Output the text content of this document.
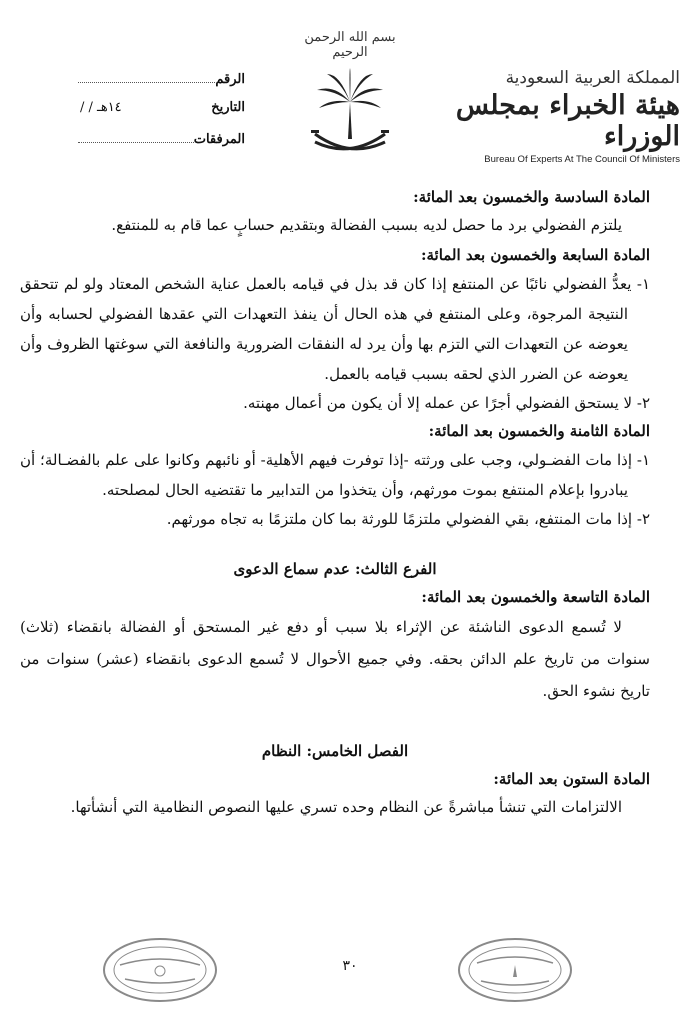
المملكة العربية السعودية
هيئة الخبراء بمجلس الوزراء
Bureau Of Experts At The Council Of Ministers
بسم الله الرحمن الرحيم
الرقم
/ / ١٤هـ	التاريخ
المرفقات
المادة السادسة والخمسون بعد المائة:
يلتزم الفضولي برد ما حصل لديه بسبب الفضالة وبتقديم حسابٍ عما قام به للمنتفع.
المادة السابعة والخمسون بعد المائة:
١- يعدُّ الفضولي نائبًا عن المنتفع إذا كان قد بذل في قيامه بالعمل عناية الشخص المعتاد ولو لم تتحقق النتيجة المرجوة، وعلى المنتفع في هذه الحال أن ينفذ التعهدات التي عقدها الفضولي لحسابه وأن يعوضه عن التعهدات التي التزم بها وأن يرد له النفقات الضرورية والنافعة التي سوغتها الظروف وأن يعوضه عن الضرر الذي لحقه بسبب قيامه بالعمل.
٢- لا يستحق الفضولي أجرًا عن عمله إلا أن يكون من أعمال مهنته.
المادة الثامنة والخمسون بعد المائة:
١- إذا مات الفضـولي، وجب على ورثته -إذا توفرت فيهم الأهلية- أو نائبهم وكانوا على علم بالفضـالة؛ أن يبادروا بإعلام المنتفع بموت مورثهم، وأن يتخذوا من التدابير ما تقتضيه الحال لمصلحته.
٢- إذا مات المنتفع، بقي الفضولي ملتزمًا للورثة بما كان ملتزمًا به تجاه مورثهم.
الفرع الثالث: عدم سماع الدعوى
المادة التاسعة والخمسون بعد المائة:
لا تُسمع الدعوى الناشئة عن الإثراء بلا سبب أو دفع غير المستحق أو الفضالة بانقضاء (ثلاث) سنوات من تاريخ علم الدائن بحقه. وفي جميع الأحوال لا تُسمع الدعوى بانقضاء (عشر) سنوات من تاريخ نشوء الحق.
الفصل الخامس: النظام
المادة الستون بعد المائة:
الالتزامات التي تنشأ مباشرةً عن النظام وحده تسري عليها النصوص النظامية التي أنشأتها.
٣٠
